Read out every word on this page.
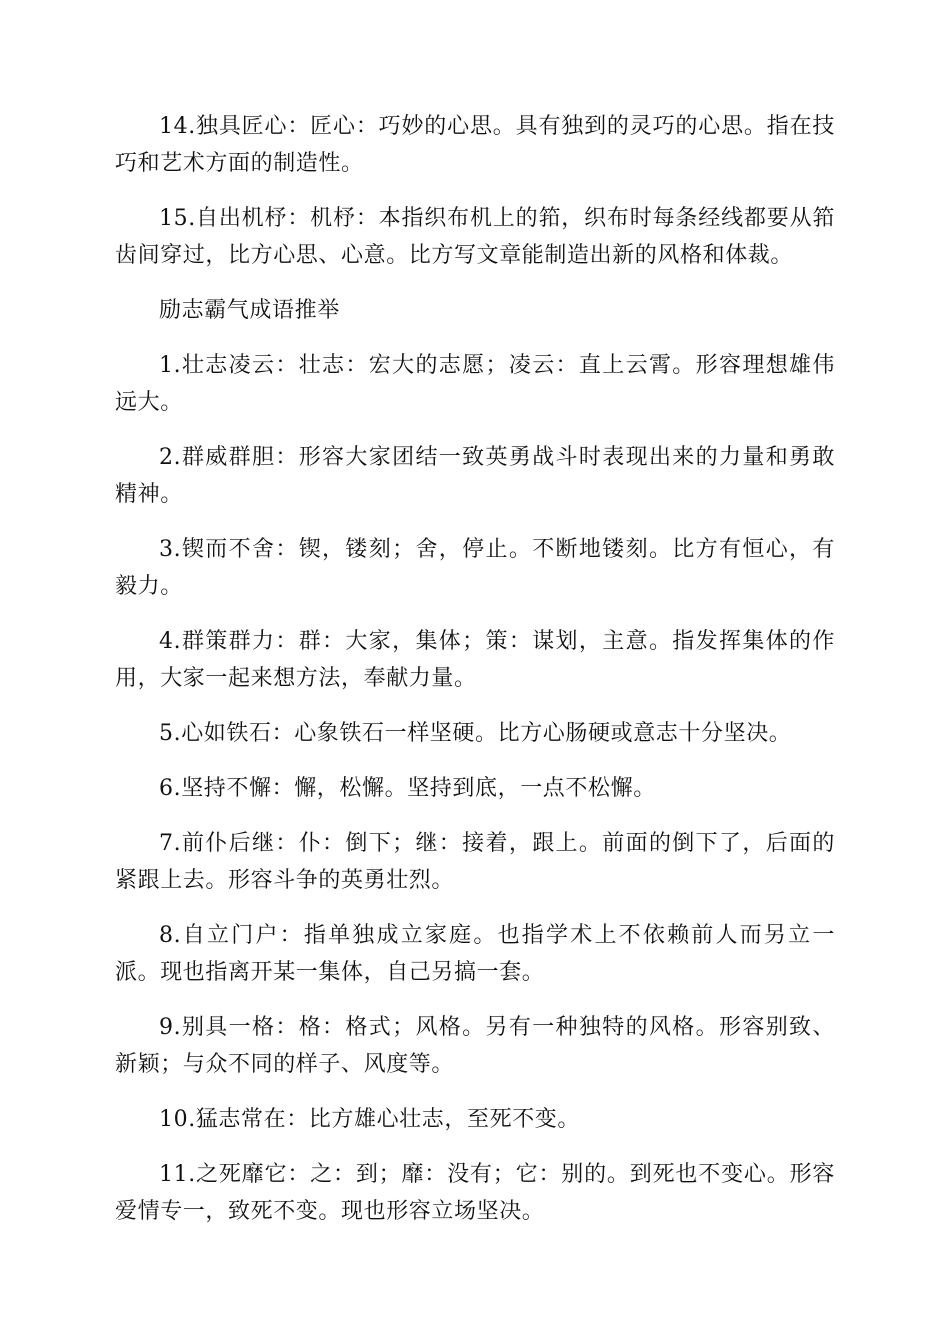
14.独具匠心：匠心：巧妙的心思。具有独到的灵巧的心思。指在技巧和艺术方面的制造性。

15.自出机杼：机杼：本指织布机上的筘，织布时每条经线都要从筘齿间穿过，比方心思、心意。比方写文章能制造出新的风格和体裁。

励志霸气成语推举

1.壮志凌云：壮志：宏大的志愿；凌云：直上云霄。形容理想雄伟远大。

2.群威群胆：形容大家团结一致英勇战斗时表现出来的力量和勇敢精神。

3.锲而不舍：锲，镂刻；舍，停止。不断地镂刻。比方有恒心，有毅力。

4.群策群力：群：大家，集体；策：谋划，主意。指发挥集体的作用，大家一起来想方法，奉献力量。

5.心如铁石：心象铁石一样坚硬。比方心肠硬或意志十分坚决。

6.坚持不懈：懈，松懈。坚持到底，一点不松懈。

7.前仆后继：仆：倒下；继：接着，跟上。前面的倒下了，后面的紧跟上去。形容斗争的英勇壮烈。

8.自立门户：指单独成立家庭。也指学术上不依赖前人而另立一派。现也指离开某一集体，自己另搞一套。

9.别具一格：格：格式；风格。另有一种独特的风格。形容别致、新颖；与众不同的样子、风度等。

10.猛志常在：比方雄心壮志，至死不变。

11.之死靡它：之：到；靡：没有；它：别的。到死也不变心。形容爱情专一，致死不变。现也形容立场坚决。
